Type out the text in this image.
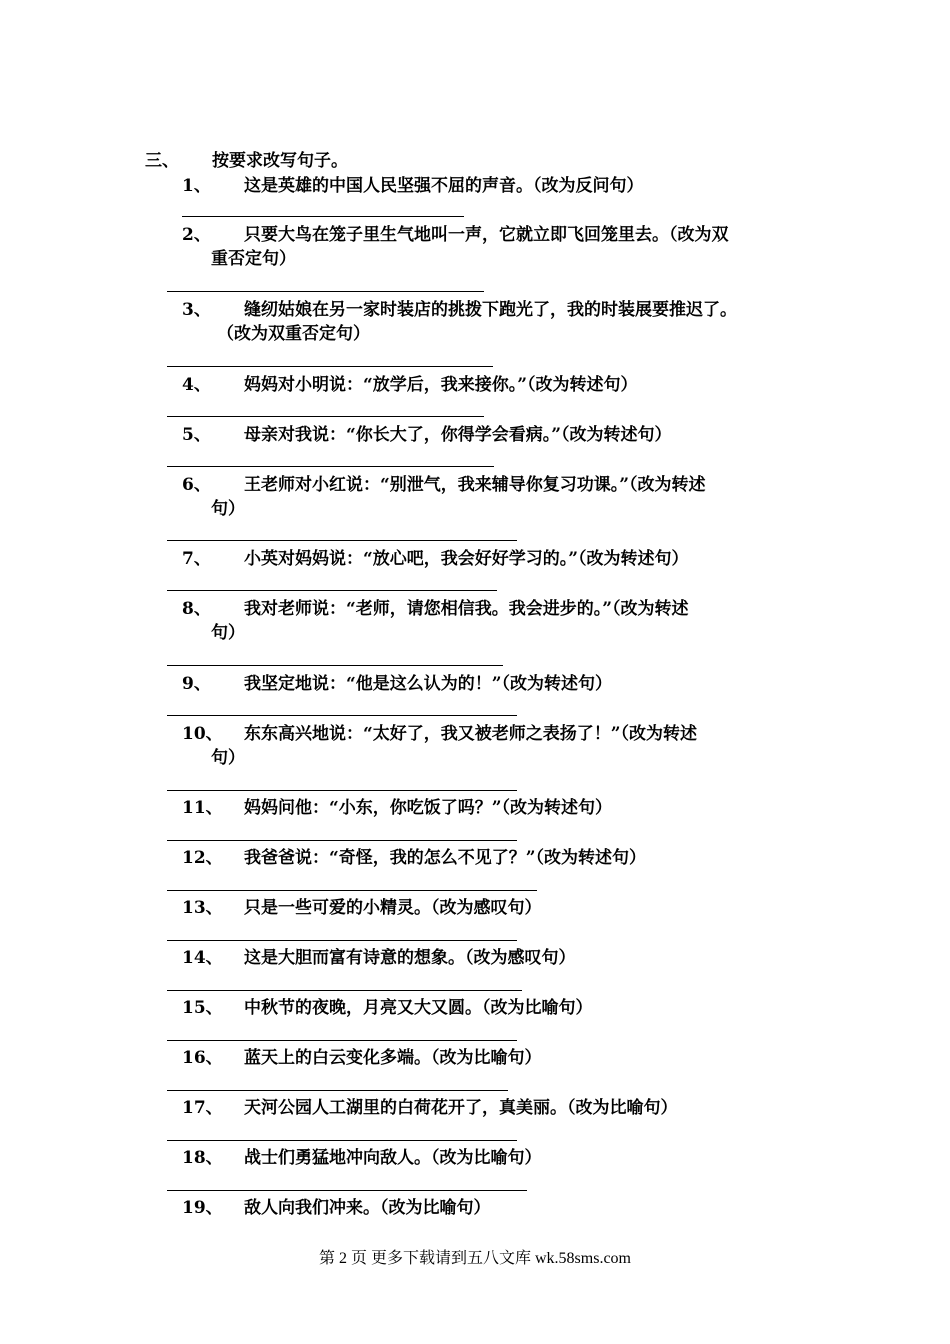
三、 按要求改写句子。
1、 这是英雄的中国人民坚强不屈的声音。（改为反问句）
2、 只要大鸟在笼子里生气地叫一声，它就立即飞回笼里去。（改为双
重否定句）
3、 缝纫姑娘在另一家时装店的挑拨下跑光了，我的时装展要推迟了。
（改为双重否定句）
4、 妈妈对小明说：“放学后，我来接你。”（改为转述句）
5、 母亲对我说：“你长大了，你得学会看病。”（改为转述句）
6、 王老师对小红说：“别泄气，我来辅导你复习功课。”（改为转述
句）
7、 小英对妈妈说：“放心吧，我会好好学习的。”（改为转述句）
8、 我对老师说：“老师，请您相信我。我会进步的。”（改为转述
句）
9、 我坚定地说：“他是这么认为的！”（改为转述句）
10、 东东高兴地说：“太好了，我又被老师之表扬了！”（改为转述
句）
11、 妈妈问他：“小东，你吃饭了吗？”（改为转述句）
12、 我爸爸说：“奇怪，我的怎么不见了？”（改为转述句）
13、 只是一些可爱的小精灵。（改为感叹句）
14、 这是大胆而富有诗意的想象。（改为感叹句）
15、 中秋节的夜晚，月亮又大又圆。（改为比喻句）
16、 蓝天上的白云变化多端。（改为比喻句）
17、 天河公园人工湖里的白荷花开了，真美丽。（改为比喻句）
18、 战士们勇猛地冲向敌人。（改为比喻句）
19、 敌人向我们冲来。（改为比喻句）
第 2 页 更多下载请到五八文库 wk.58sms.com
